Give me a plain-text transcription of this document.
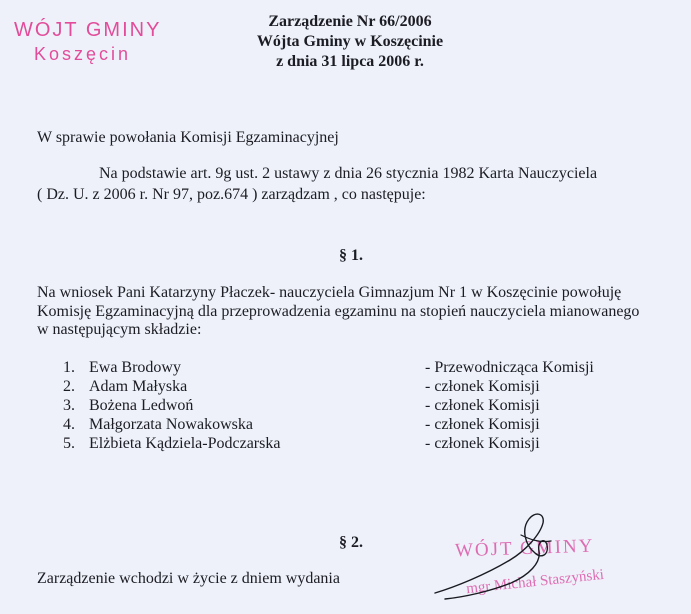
WÓJT GMINY
Koszęcin
Zarządzenie Nr 66/2006
Wójta Gminy w Koszęcinie
z dnia 31 lipca 2006 r.
W sprawie powołania Komisji Egzaminacyjnej
Na podstawie art. 9g ust. 2 ustawy z dnia 26 stycznia 1982 Karta Nauczyciela
( Dz. U. z 2006 r. Nr 97, poz.674 ) zarządzam , co następuje:
§ 1.
Na wniosek Pani Katarzyny Płaczek- nauczyciela Gimnazjum Nr 1 w Koszęcinie powołuję
Komisję Egzaminacyjną dla przeprowadzenia egzaminu na stopień nauczyciela mianowanego
w następującym składzie:
1. Ewa Brodowy	- Przewodnicząca Komisji
2. Adam Małyska	- członek Komisji
3. Bożena Ledwoń	- członek Komisji
4. Małgorzata Nowakowska	- członek Komisji
5. Elżbieta Kądziela-Podczarska	- członek Komisji
§ 2.
Zarządzenie wchodzi w życie z dniem wydania
WÓJT GMINY
mgr Michał Staszyński
